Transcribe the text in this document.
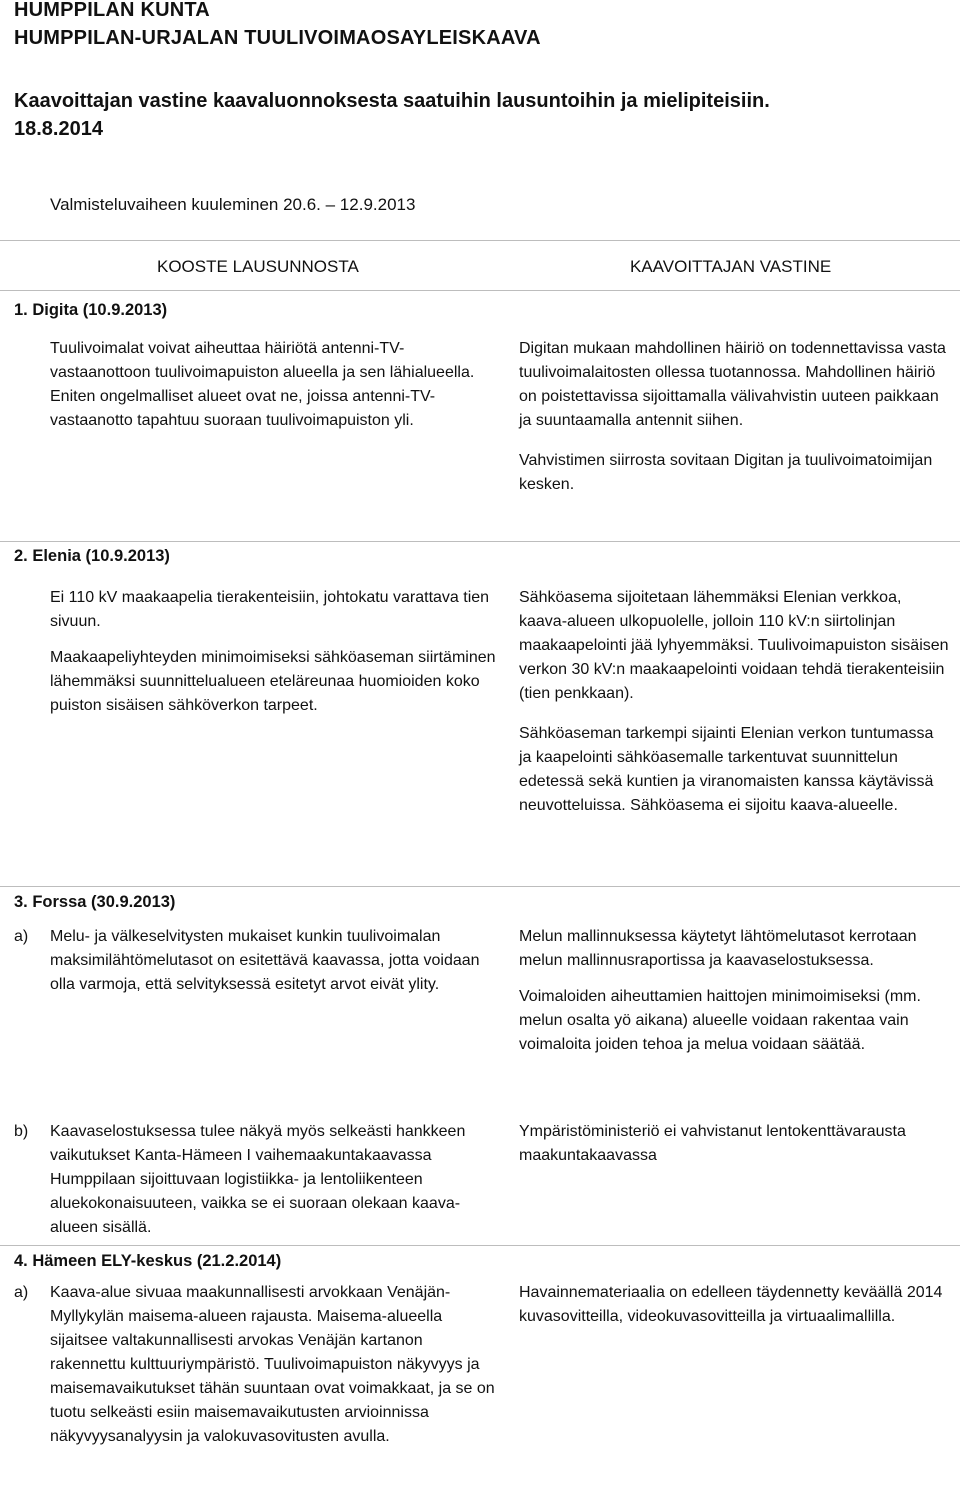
HUMPPILAN KUNTA
HUMPPILAN-URJALAN TUULIVOIMAOSAYLEISKAAVA
Kaavoittajan vastine kaavaluonnoksesta saatuihin lausuntoihin ja mielipiteisiin.
18.8.2014
Valmisteluvaiheen kuuleminen 20.6. – 12.9.2013
KOOSTE LAUSUNNOSTA	KAAVOITTAJAN VASTINE
1. Digita (10.9.2013)

Tuulivoimalat voivat aiheuttaa häiriötä antenni-TV-vastaanottoon tuulivoimapuiston alueella ja sen lähialueella. Eniten ongelmalliset alueet ovat ne, joissa antenni-TV-vastaanotto tapahtuu suoraan tuulivoimapuiston yli.

Digitan mukaan mahdollinen häiriö on todennettavissa vasta tuulivoimalaitosten ollessa tuotannossa. Mahdollinen häiriö on poistettavissa sijoittamalla välivahvistin uuteen paikkaan ja suuntaamalla antennit siihen.

Vahvistimen siirrosta sovitaan Digitan ja tuulivoimatoimijan kesken.

2. Elenia (10.9.2013)

Ei 110 kV maakaapelia tierakenteisiin, johtokatu varattava tien sivuun.

Maakaapeliyhteyden minimoimiseksi sähköaseman siirtäminen lähemmäksi suunnittelualueen eteläreunaa huomioiden koko puiston sisäisen sähköverkon tarpeet.

Sähköasema sijoitetaan lähemmäksi Elenian verkkoa, kaava-alueen ulkopuolelle, jolloin 110 kV:n siirtolinjan maakaapelointi jää lyhyemmäksi. Tuulivoimapuiston sisäisen verkon 30 kV:n maakaapelointi voidaan tehdä tierakenteisiin (tien penkkaan).

Sähköaseman tarkempi sijainti Elenian verkon tuntumassa ja kaapelointi sähköasemalle tarkentuvat suunnittelun edetessä sekä kuntien ja viranomaisten kanssa käytävissä neuvotteluissa. Sähköasema ei sijoitu kaava-alueelle.

3. Forssa (30.9.2013)
a) Melu- ja välkeselvitysten mukaiset kunkin tuulivoimalan maksimilähtömelutasot on esitettävä kaavassa, jotta voidaan olla varmoja, että selvityksessä esitetyt arvot eivät ylity.

Melun mallinnuksessa käytetyt lähtömelutasot kerrotaan melun mallinnusraportissa ja kaavaselostuksessa.

Voimaloiden aiheuttamien haittojen minimoimiseksi (mm. melun osalta yö aikana) alueelle voidaan rakentaa vain voimaloita joiden tehoa ja melua voidaan säätää.

b) Kaavaselostuksessa tulee näkyä myös selkeästi hankkeen vaikutukset Kanta-Hämeen I vaihemaakuntakaavassa Humppilaan sijoittuvaan logistiikka- ja lentoliikenteen aluekokonaisuuteen, vaikka se ei suoraan olekaan kaava-alueen sisällä.

Ympäristöministeriö ei vahvistanut lentokenttävarausta maakuntakaavassa

4. Hämeen ELY-keskus (21.2.2014)
a) Kaava-alue sivuaa maakunnallisesti arvokkaan Venäjän-Myllykylän maisema-alueen rajausta. Maisema-alueella sijaitsee valtakunnallisesti arvokas Venäjän kartanon rakennettu kulttuuriympäristö. Tuulivoimapuiston näkyvyys ja maisemavaikutukset tähän suuntaan ovat voimakkaat, ja se on tuotu selkeästi esiin maisemavaikutusten arvioinnissa näkyvyysanalyysin ja valokuvasovitusten avulla.

Havainnemateriaalia on edelleen täydennetty keväällä 2014 kuvasovitteilla, videokuvasovitteilla ja virtuaalimallilla.
